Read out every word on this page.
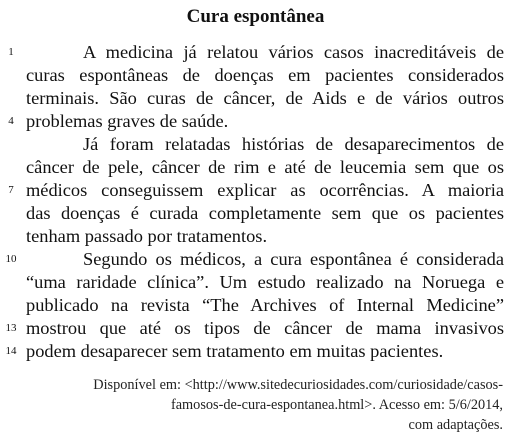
Cura espontânea
A medicina já relatou vários casos inacreditáveis de
curas espontâneas de doenças em pacientes considerados
terminais. São curas de câncer, de Aids e de vários outros
problemas graves de saúde.
Já foram relatadas histórias de desaparecimentos de
câncer de pele, câncer de rim e até de leucemia sem que os
médicos conseguissem explicar as ocorrências. A maioria
das doenças é curada completamente sem que os pacientes
tenham passado por tratamentos.
Segundo os médicos, a cura espontânea é considerada
“uma raridade clínica”. Um estudo realizado na Noruega e
publicado na revista “The Archives of Internal Medicine”
mostrou que até os tipos de câncer de mama invasivos
podem desaparecer sem tratamento em muitas pacientes.
1
4
7
10
13
14
Disponível em: <http://www.sitedecuriosidades.com/curiosidade/casos-
famosos-de-cura-espontanea.html>. Acesso em: 5/6/2014,
com adaptações.
